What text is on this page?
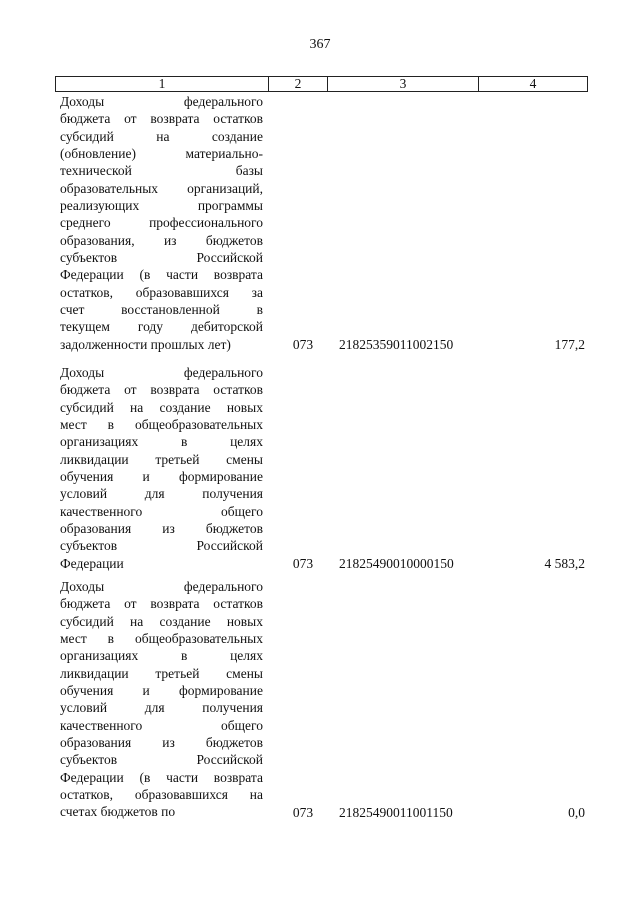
367
1	2	3	4
Доходы федерального
бюджета от возврата остатков
субсидий на создание
(обновление) материально-
технической базы
образовательных организаций,
реализующих программы
среднего профессионального
образования, из бюджетов
субъектов Российской
Федерации (в части возврата
остатков, образовавшихся за
счет восстановленной в
текущем году дебиторской
задолженности прошлых лет)	073 21825359011002150	177,2
Доходы федерального
бюджета от возврата остатков
субсидий на создание новых
мест в общеобразовательных
организациях в целях
ликвидации третьей смены
обучения и формирование
условий для получения
качественного общего
образования из бюджетов
субъектов Российской
Федерации	073 21825490010000150	4 583,2
Доходы федерального
бюджета от возврата остатков
субсидий на создание новых
мест в общеобразовательных
организациях в целях
ликвидации третьей смены
обучения и формирование
условий для получения
качественного общего
образования из бюджетов
субъектов Российской
Федерации (в части возврата
остатков, образовавшихся на
счетах бюджетов по	073 21825490011001150	0,0
